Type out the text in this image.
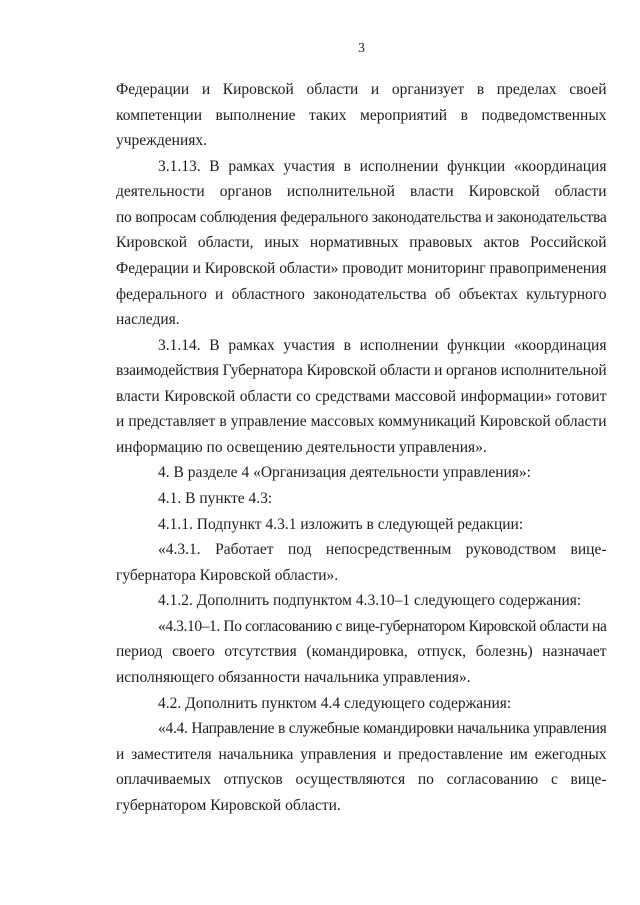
3
Федерации и Кировской области и организует в пределах своей
компетенции выполнение таких мероприятий в подведомственных
учреждениях.
3.1.13. В рамках участия в исполнении функции «координация
деятельности органов исполнительной власти Кировской области
по вопросам соблюдения федерального законодательства и законодательства
Кировской области, иных нормативных правовых актов Российской
Федерации и Кировской области» проводит мониторинг правоприменения
федерального и областного законодательства об объектах культурного
наследия.
3.1.14. В рамках участия в исполнении функции «координация
взаимодействия Губернатора Кировской области и органов исполнительной
власти Кировской области со средствами массовой информации» готовит
и представляет в управление массовых коммуникаций Кировской области
информацию по освещению деятельности управления».
4. В разделе 4 «Организация деятельности управления»:
4.1. В пункте 4.3:
4.1.1. Подпункт 4.3.1 изложить в следующей редакции:
«4.3.1. Работает под непосредственным руководством вице-
губернатора Кировской области».
4.1.2. Дополнить подпунктом 4.3.10–1 следующего содержания:
«4.3.10–1. По согласованию с вице-губернатором Кировской области на
период своего отсутствия (командировка, отпуск, болезнь) назначает
исполняющего обязанности начальника управления».
4.2. Дополнить пунктом 4.4 следующего содержания:
«4.4. Направление в служебные командировки начальника управления
и заместителя начальника управления и предоставление им ежегодных
оплачиваемых отпусков осуществляются по согласованию с вице-
губернатором Кировской области.
